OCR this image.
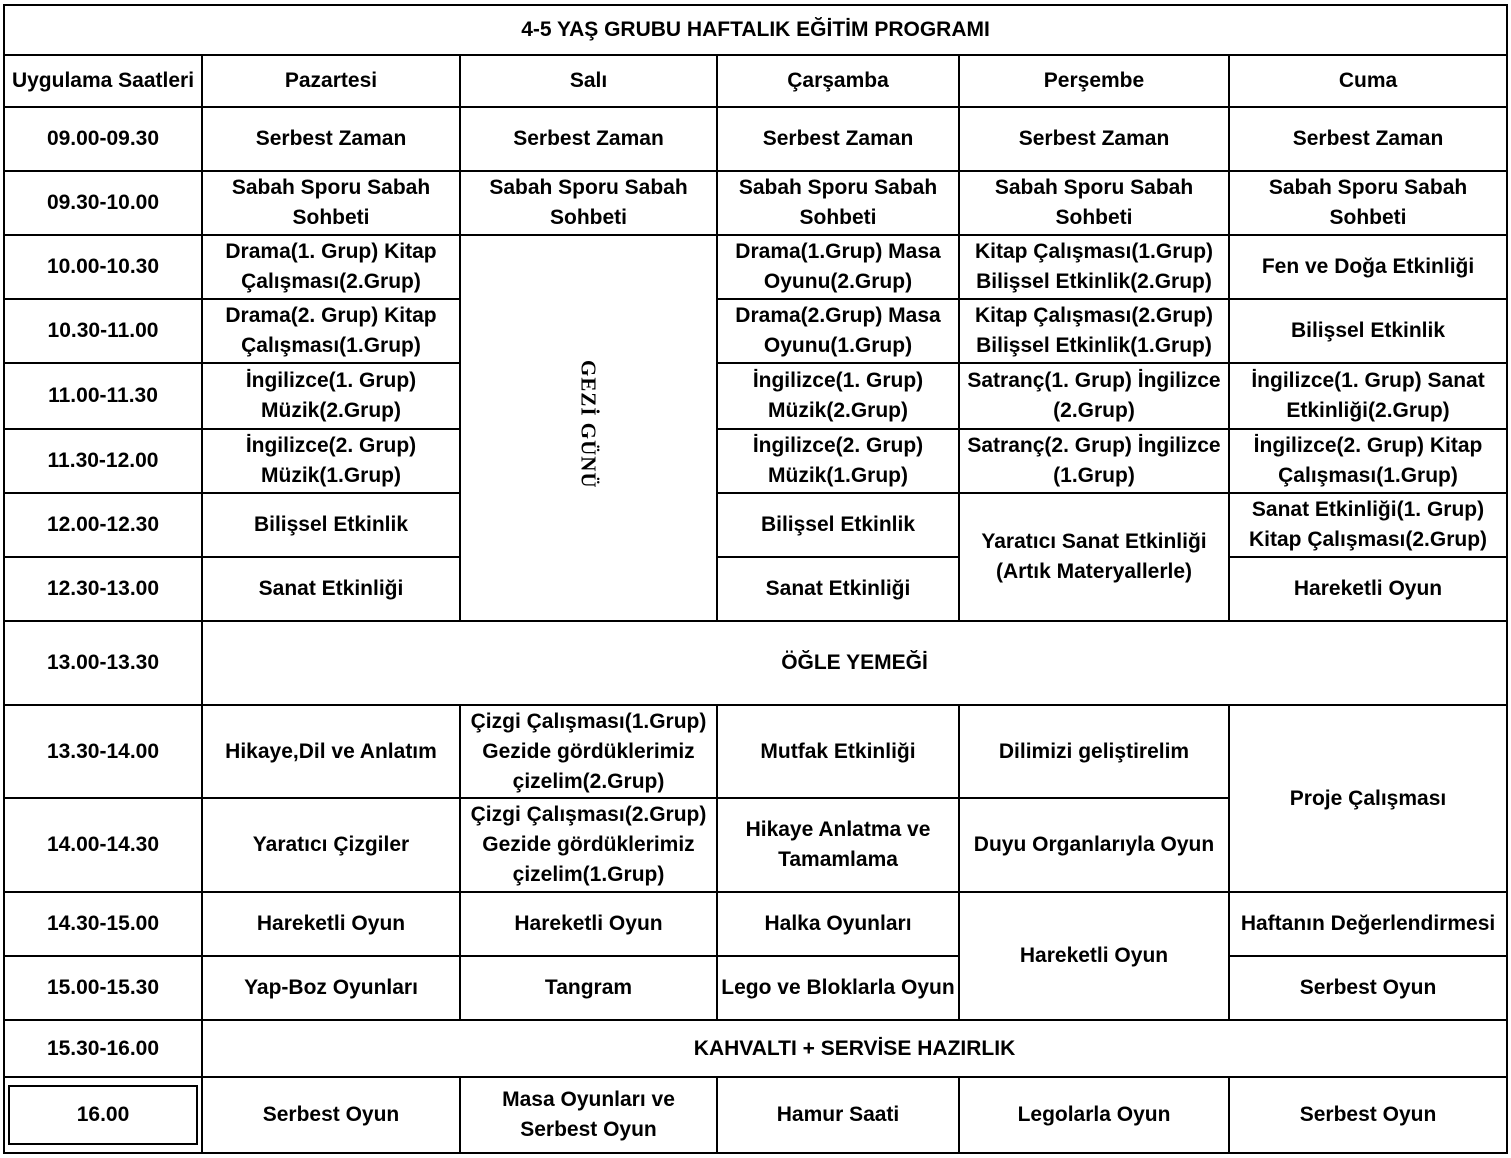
4-5 YAŞ GRUBU HAFTALIK EĞİTİM PROGRAMI					
Uygulama Saatleri	Pazartesi	Salı	Çarşamba	Perşembe	Cuma
09.00-09.30	Serbest Zaman	Serbest Zaman	Serbest Zaman	Serbest Zaman	Serbest Zaman
09.30-10.00	Sabah Sporu Sabah Sohbeti	Sabah Sporu Sabah Sohbeti	Sabah Sporu Sabah Sohbeti	Sabah Sporu Sabah Sohbeti	Sabah Sporu Sabah Sohbeti
10.00-10.30	Drama(1. Grup) Kitap Çalışması(2.Grup)	GEZİ GÜNÜ	Drama(1.Grup) Masa Oyunu(2.Grup)	Kitap Çalışması(1.Grup) Bilişsel Etkinlik(2.Grup)	Fen ve Doğa Etkinliği
10.30-11.00	Drama(2. Grup) Kitap Çalışması(1.Grup)		Drama(2.Grup) Masa Oyunu(1.Grup)	Kitap Çalışması(2.Grup) Bilişsel Etkinlik(1.Grup)	Bilişsel Etkinlik
11.00-11.30	İngilizce(1. Grup) Müzik(2.Grup)		İngilizce(1. Grup) Müzik(2.Grup)	Satranç(1. Grup) İngilizce (2.Grup)	İngilizce(1. Grup) Sanat Etkinliği(2.Grup)
11.30-12.00	İngilizce(2. Grup) Müzik(1.Grup)		İngilizce(2. Grup) Müzik(1.Grup)	Satranç(2. Grup) İngilizce (1.Grup)	İngilizce(2. Grup) Kitap Çalışması(1.Grup)
12.00-12.30	Bilişsel Etkinlik		Bilişsel Etkinlik	Yaratıcı Sanat Etkinliği (Artık Materyallerle)	Sanat Etkinliği(1. Grup) Kitap Çalışması(2.Grup)
12.30-13.00	Sanat Etkinliği		Sanat Etkinliği		Hareketli Oyun
13.00-13.30	ÖĞLE YEMEĞİ				
13.30-14.00	Hikaye,Dil ve Anlatım	Çizgi Çalışması(1.Grup) Gezide gördüklerimiz çizelim(2.Grup)	Mutfak Etkinliği	Dilimizi geliştirelim	Proje Çalışması
14.00-14.30	Yaratıcı Çizgiler	Çizgi Çalışması(2.Grup) Gezide gördüklerimiz çizelim(1.Grup)	Hikaye Anlatma ve Tamamlama	Duyu Organlarıyla Oyun	
14.30-15.00	Hareketli Oyun	Hareketli Oyun	Halka Oyunları	Hareketli Oyun	Haftanın Değerlendirmesi
15.00-15.30	Yap-Boz Oyunları	Tangram	Lego ve Bloklarla Oyun		Serbest Oyun
15.30-16.00	KAHVALTI + SERVİSE HAZIRLIK				

16.00	Serbest Oyun	Masa Oyunları ve Serbest Oyun	Hamur Saati	Legolarla Oyun	Serbest Oyun
